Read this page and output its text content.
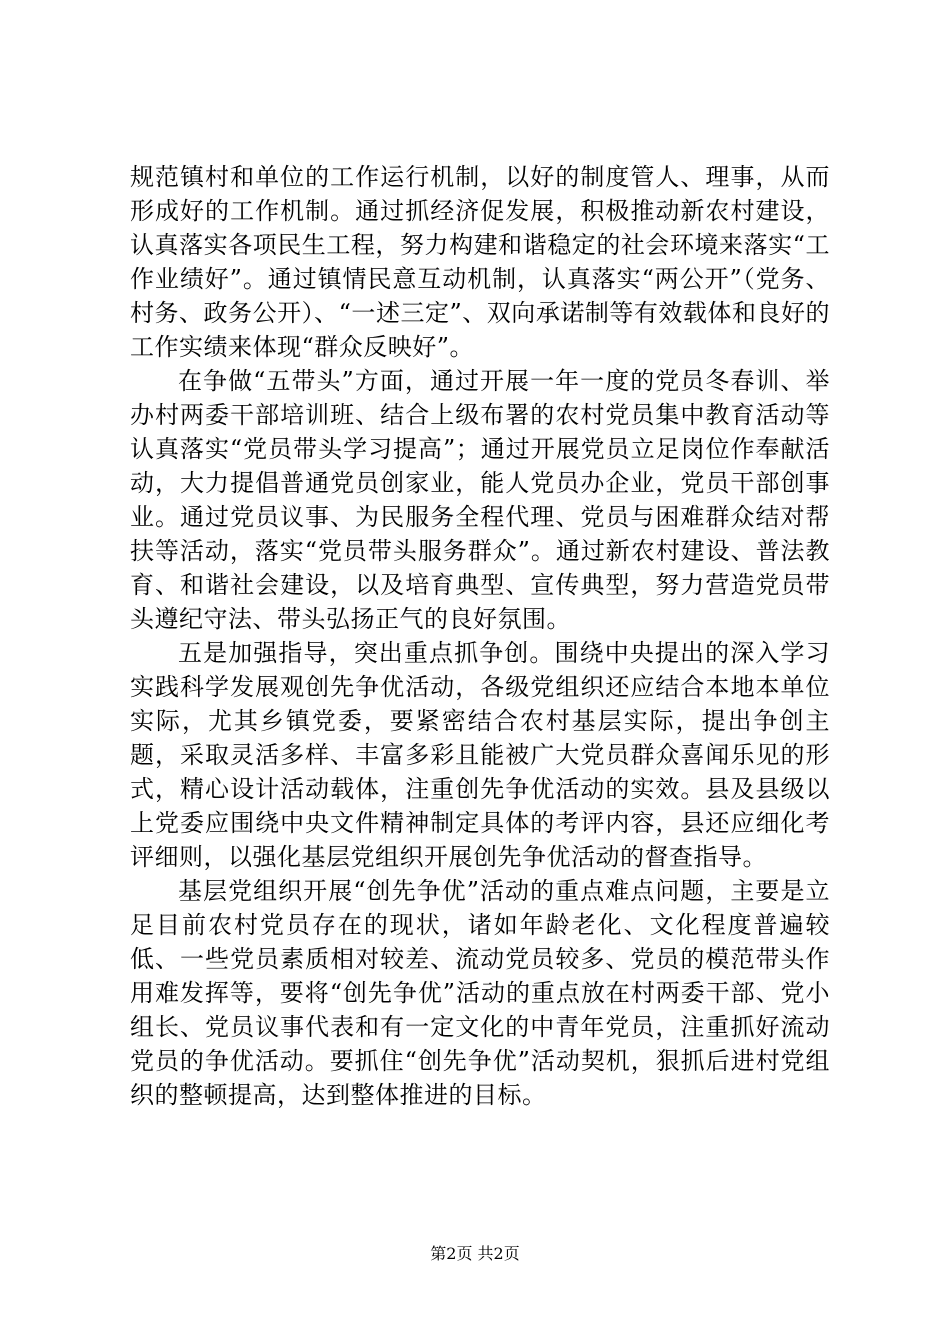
规范镇村和单位的工作运行机制，以好的制度管人、理事，从而形成好的工作机制。通过抓经济促发展，积极推动新农村建设，认真落实各项民生工程，努力构建和谐稳定的社会环境来落实“工作业绩好”。通过镇情民意互动机制，认真落实“两公开”（党务、村务、政务公开）、“一述三定”、双向承诺制等有效载体和良好的工作实绩来体现“群众反映好”。

在争做“五带头”方面，通过开展一年一度的党员冬春训、举办村两委干部培训班、结合上级布署的农村党员集中教育活动等认真落实“党员带头学习提高”；通过开展党员立足岗位作奉献活动，大力提倡普通党员创家业，能人党员办企业，党员干部创事业。通过党员议事、为民服务全程代理、党员与困难群众结对帮扶等活动，落实“党员带头服务群众”。通过新农村建设、普法教育、和谐社会建设，以及培育典型、宣传典型，努力营造党员带头遵纪守法、带头弘扬正气的良好氛围。

五是加强指导，突出重点抓争创。围绕中央提出的深入学习实践科学发展观创先争优活动，各级党组织还应结合本地本单位实际，尤其乡镇党委，要紧密结合农村基层实际，提出争创主题，采取灵活多样、丰富多彩且能被广大党员群众喜闻乐见的形式，精心设计活动载体，注重创先争优活动的实效。县及县级以上党委应围绕中央文件精神制定具体的考评内容，县还应细化考评细则，以强化基层党组织开展创先争优活动的督查指导。

基层党组织开展“创先争优”活动的重点难点问题，主要是立足目前农村党员存在的现状，诸如年龄老化、文化程度普遍较低、一些党员素质相对较差、流动党员较多、党员的模范带头作用难发挥等，要将“创先争优”活动的重点放在村两委干部、党小组长、党员议事代表和有一定文化的中青年党员，注重抓好流动党员的争优活动。要抓住“创先争优”活动契机，狠抓后进村党组织的整顿提高，达到整体推进的目标。

第2页 共2页
